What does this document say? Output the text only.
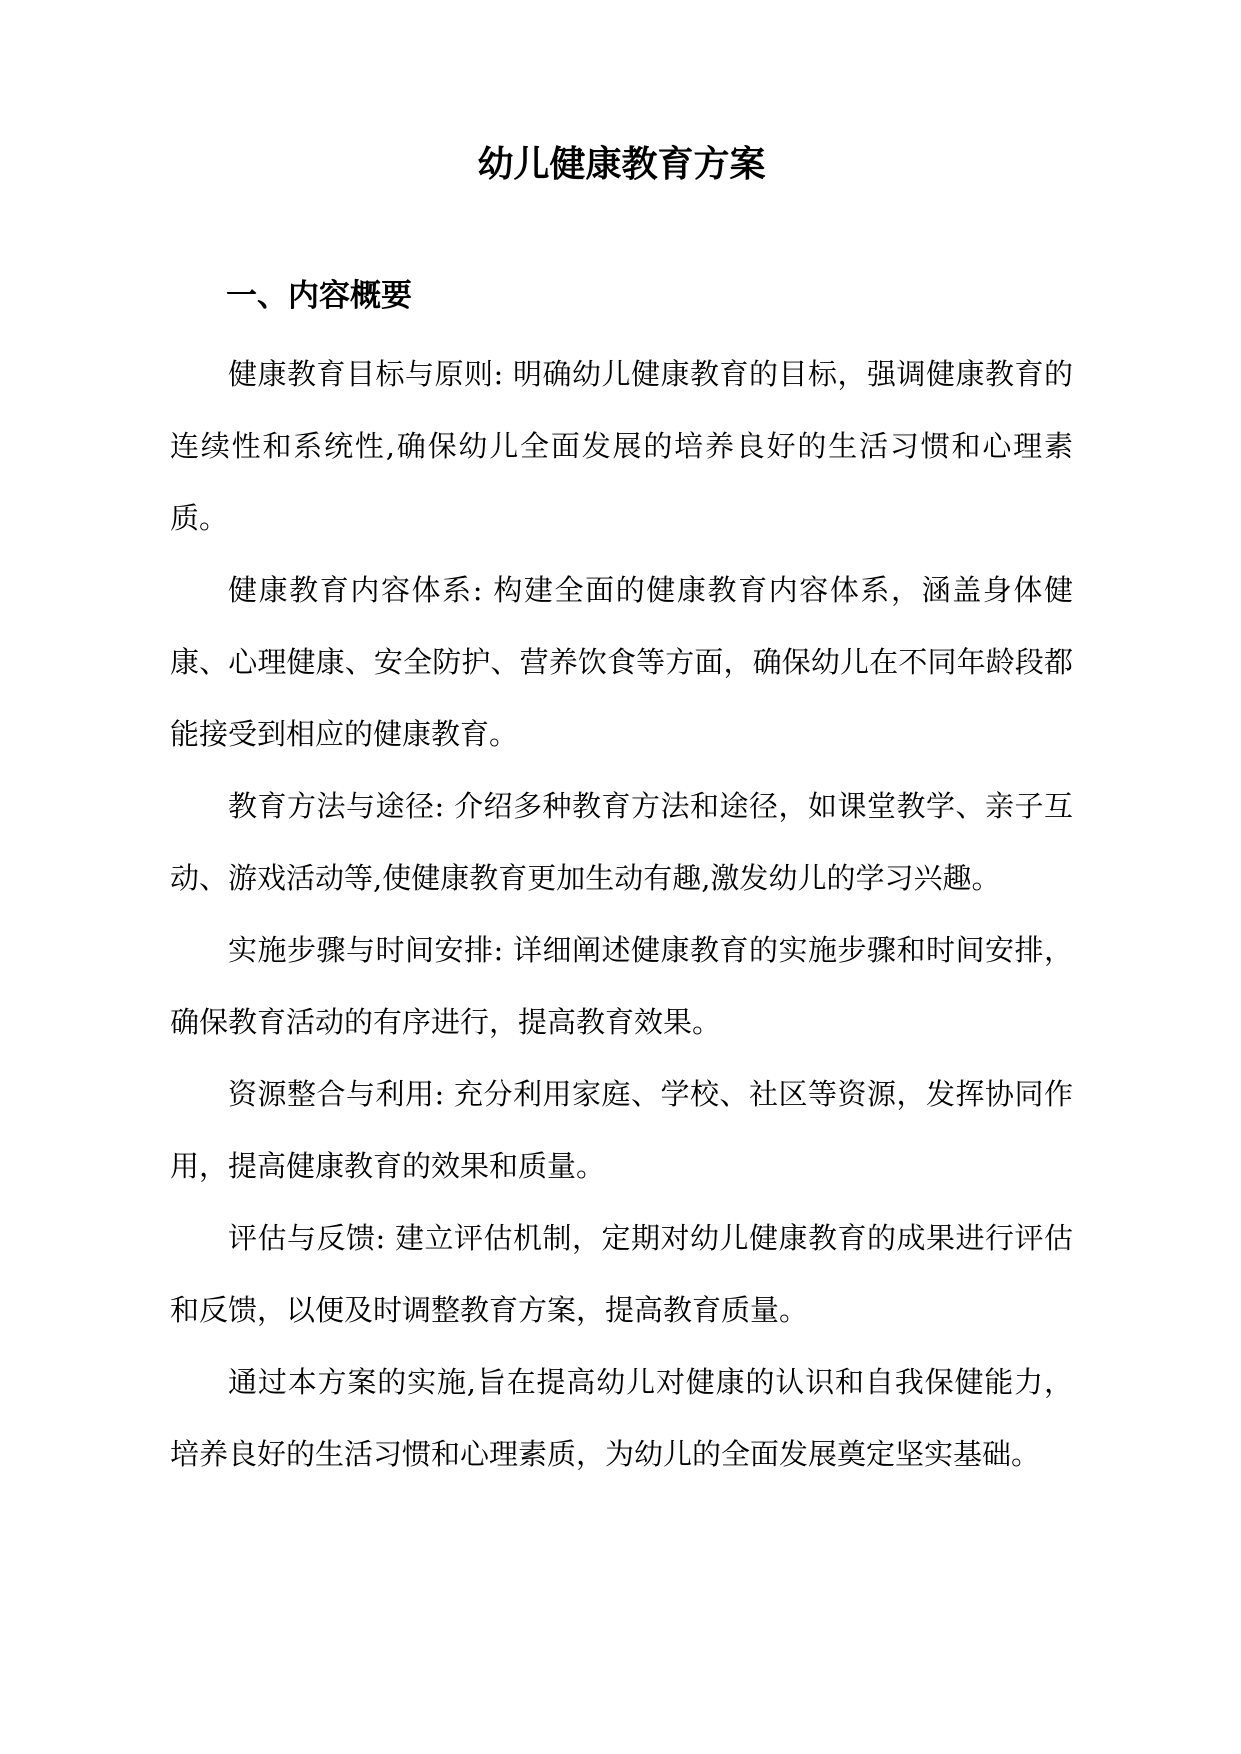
幼儿健康教育方案
一、内容概要

健康教育目标与原则: 明确幼儿健康教育的目标，强调健康教育的连续性和系统性,确保幼儿全面发展的培养良好的生活习惯和心理素质。

健康教育内容体系: 构建全面的健康教育内容体系，涵盖身体健康、心理健康、安全防护、营养饮食等方面，确保幼儿在不同年龄段都能接受到相应的健康教育。

教育方法与途径: 介绍多种教育方法和途径，如课堂教学、亲子互动、游戏活动等,使健康教育更加生动有趣,激发幼儿的学习兴趣。

实施步骤与时间安排: 详细阐述健康教育的实施步骤和时间安排，确保教育活动的有序进行，提高教育效果。

资源整合与利用: 充分利用家庭、学校、社区等资源，发挥协同作用，提高健康教育的效果和质量。

评估与反馈: 建立评估机制，定期对幼儿健康教育的成果进行评估和反馈，以便及时调整教育方案，提高教育质量。

通过本方案的实施,旨在提高幼儿对健康的认识和自我保健能力，培养良好的生活习惯和心理素质，为幼儿的全面发展奠定坚实基础。
